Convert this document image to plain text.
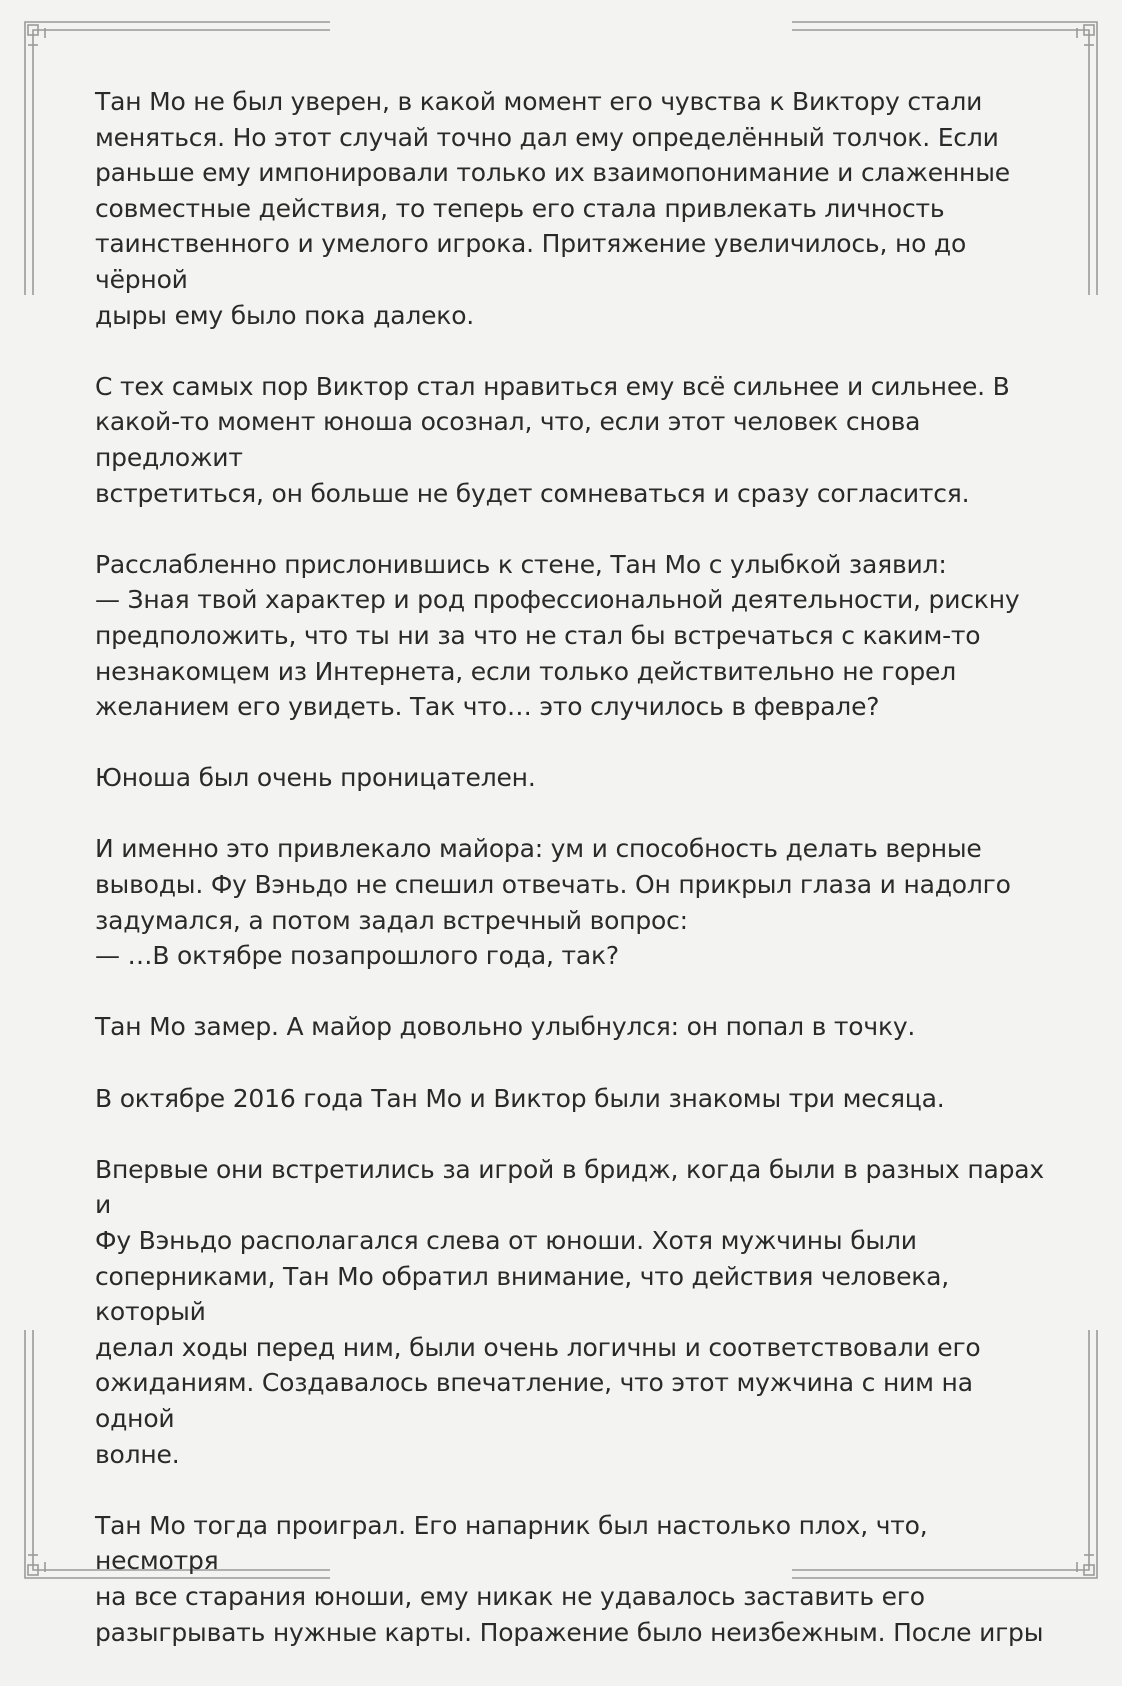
Тан Мо не был уверен, в какой момент его чувства к Виктору стали
меняться. Но этот случай точно дал ему определённый толчок. Если
раньше ему импонировали только их взаимопонимание и слаженные
совместные действия, то теперь его стала привлекать личность
таинственного и умелого игрока. Притяжение увеличилось, но до чёрной
дыры ему было пока далеко.

С тех самых пор Виктор стал нравиться ему всё сильнее и сильнее. В
какой-то момент юноша осознал, что, если этот человек снова предложит
встретиться, он больше не будет сомневаться и сразу согласится.

Расслабленно прислонившись к стене, Тан Мо с улыбкой заявил:
— Зная твой характер и род профессиональной деятельности, рискну
предположить, что ты ни за что не стал бы встречаться с каким-то
незнакомцем из Интернета, если только действительно не горел
желанием его увидеть. Так что… это случилось в феврале?

Юноша был очень проницателен.

И именно это привлекало майора: ум и способность делать верные
выводы. Фу Вэньдо не спешил отвечать. Он прикрыл глаза и надолго
задумался, а потом задал встречный вопрос:
— …В октябре позапрошлого года, так?

Тан Мо замер. А майор довольно улыбнулся: он попал в точку.

В октябре 2016 года Тан Мо и Виктор были знакомы три месяца.

Впервые они встретились за игрой в бридж, когда были в разных парах и
Фу Вэньдо располагался слева от юноши. Хотя мужчины были
соперниками, Тан Мо обратил внимание, что действия человека, который
делал ходы перед ним, были очень логичны и соответствовали его
ожиданиям. Создавалось впечатление, что этот мужчина с ним на одной
волне.

Тан Мо тогда проиграл. Его напарник был настолько плох, что, несмотря
на все старания юноши, ему никак не удавалось заставить его
разыгрывать нужные карты. Поражение было неизбежным. После игры
